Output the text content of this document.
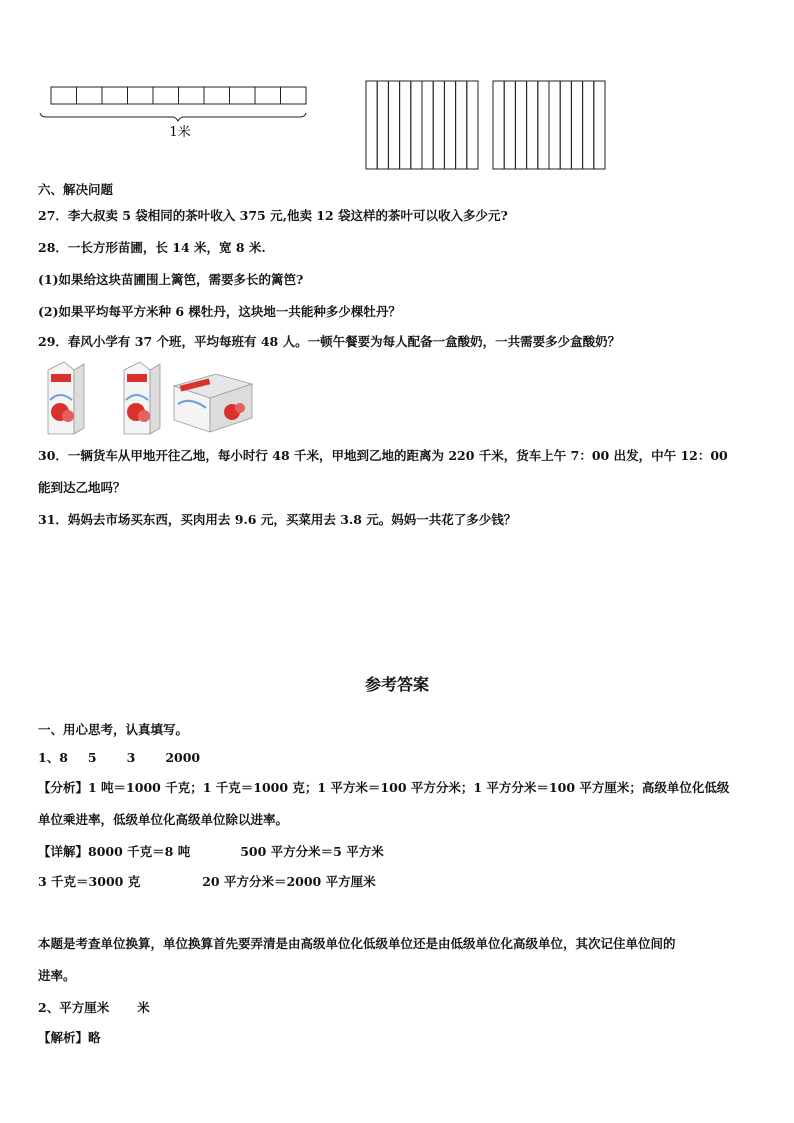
1米
六、解决问题
27．李大叔卖 5 袋相同的茶叶收入 375 元,他卖 12 袋这样的茶叶可以收入多少元?
28．一长方形苗圃，长 14 米，宽 8 米.
(1)如果给这块苗圃围上篱笆，需要多长的篱笆?
(2)如果平均每平方米种 6 棵牡丹，这块地一共能种多少棵牡丹？
29．春风小学有 37 个班，平均每班有 48 人。一顿午餐要为每人配备一盒酸奶，一共需要多少盒酸奶？
30．一辆货车从甲地开往乙地，每小时行 48 千米，甲地到乙地的距离为 220 千米，货车上午 7：00 出发，中午 12：00
能到达乙地吗？
31．妈妈去市场买东西，买肉用去 9.6 元，买菜用去 3.8 元。妈妈一共花了多少钱？
参考答案
一、用心思考，认真填写。
1、8 5 3 2000
【分析】1 吨＝1000 千克；1 千克＝1000 克；1 平方米＝100 平方分米；1 平方分米＝100 平方厘米；高级单位化低级
单位乘进率，低级单位化高级单位除以进率。
【详解】8000 千克＝8 吨	500 平方分米＝5 平方米
3 千克＝3000 克	20 平方分米＝2000 平方厘米
本题是考查单位换算，单位换算首先要弄清是由高级单位化低级单位还是由低级单位化高级单位，其次记住单位间的
进率。
2、平方厘米 米
【解析】略
